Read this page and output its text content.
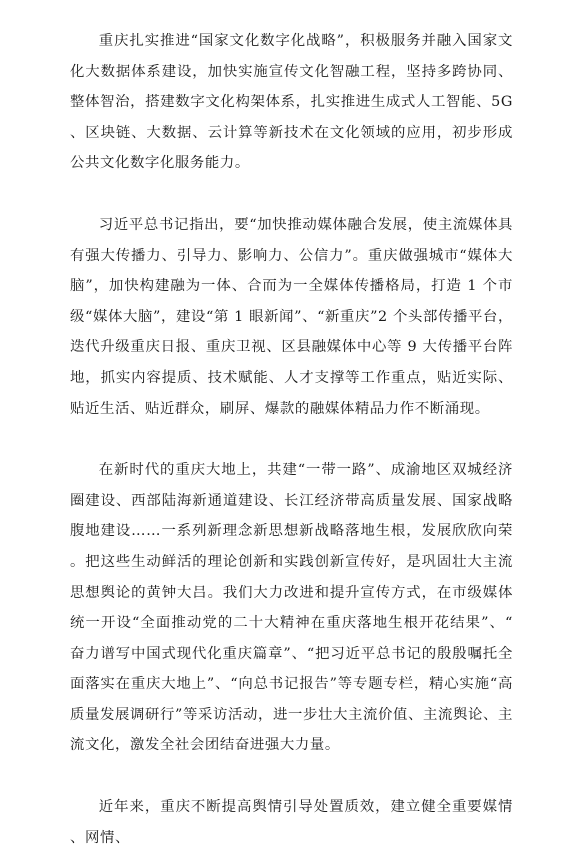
重庆扎实推进“国家文化数字化战略”，积极服务并融入国家文化大数据体系建设，加快实施宣传文化智融工程，坚持多跨协同、整体智治，搭建数字文化构架体系，扎实推进生成式人工智能、5G、区块链、大数据、云计算等新技术在文化领域的应用，初步形成公共文化数字化服务能力。

习近平总书记指出，要“加快推动媒体融合发展，使主流媒体具有强大传播力、引导力、影响力、公信力”。重庆做强城市“媒体大脑”，加快构建融为一体、合而为一全媒体传播格局，打造 1 个市级“媒体大脑”，建设“第 1 眼新闻”、“新重庆”2 个头部传播平台，迭代升级重庆日报、重庆卫视、区县融媒体中心等 9 大传播平台阵地，抓实内容提质、技术赋能、人才支撑等工作重点，贴近实际、贴近生活、贴近群众，刷屏、爆款的融媒体精品力作不断涌现。

在新时代的重庆大地上，共建“一带一路”、成渝地区双城经济圈建设、西部陆海新通道建设、长江经济带高质量发展、国家战略腹地建设……一系列新理念新思想新战略落地生根，发展欣欣向荣。把这些生动鲜活的理论创新和实践创新宣传好，是巩固壮大主流思想舆论的黄钟大吕。我们大力改进和提升宣传方式，在市级媒体统一开设“全面推动党的二十大精神在重庆落地生根开花结果”、“奋力谱写中国式现代化重庆篇章”、“把习近平总书记的殷殷嘱托全面落实在重庆大地上”、“向总书记报告”等专题专栏，精心实施“高质量发展调研行”等采访活动，进一步壮大主流价值、主流舆论、主流文化，激发全社会团结奋进强大力量。

近年来，重庆不断提高舆情引导处置质效，建立健全重要媒情、网情、
